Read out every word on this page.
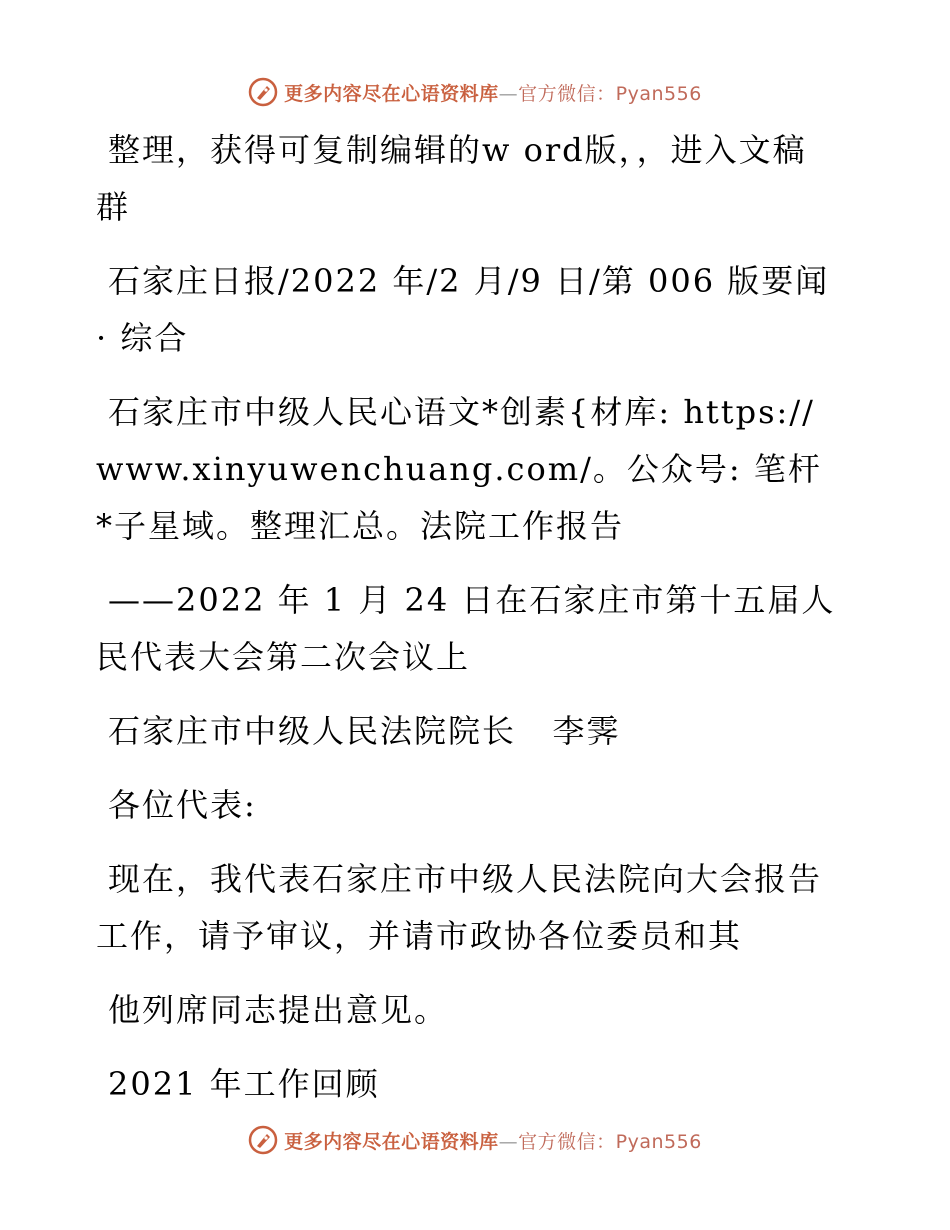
更多内容尽在心语资料库—官方微信：Pyan556

整理，获得可复制编辑的w ord版，，进入文稿群

石家庄日报/2022 年/2 月/9 日/第 006 版要闻 · 综合

石家庄市中级人民心语文*创素{材库: https://www.xinyuwenchuang.com/。公众号: 笔杆*子星域。整理汇总。法院工作报告

——2022 年 1 月 24 日在石家庄市第十五届人民代表大会第二次会议上

石家庄市中级人民法院院长   李霁

各位代表:

现在，我代表石家庄市中级人民法院向大会报告工作，请予审议，并请市政协各位委员和其

他列席同志提出意见。

2021 年工作回顾

更多内容尽在心语资料库—官方微信：Pyan556
